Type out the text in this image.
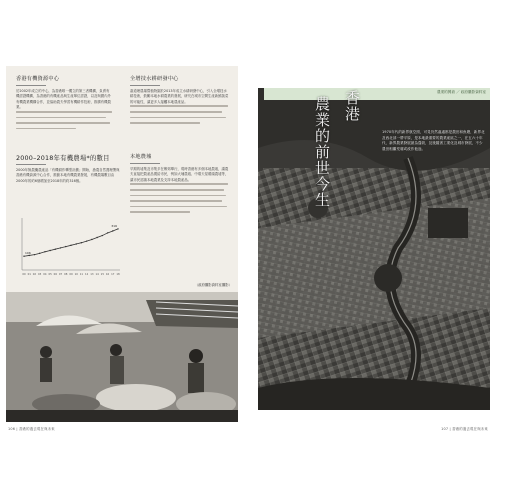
香港有機資源中心

於2002年成立的中心，為香港唯一獨立的第三者機構，負責有機認證機構，為香港的有機產品與生產單位認證，以及與國內外有機農業機構合作，並協助農夫學習有機耕作技術，推廣有機農業。

全增技水耕研發中心

嘉道理農場暨植物園於2013年成立水耕研發中心，引入全增技水耕技術，鼓勵本地水耕農業的發展，研究在城市空間生產新鮮蔬菜的可能性，讓更多人接觸本地農產品。

2000–2018年有機農場*的數目

2000年無農藥農產品「有機耕作轉型計劃」開始，漁農自然護理署與香港有機資源中心合作，推動本地有機農業發展，有機農場數目由2000年的約6個增加至2018年的約316個。

本地農墟

早期的墟集及市集多在鄉郊舉行，現時香港有多個本地農墟，讓農夫直接把農產品賣給市民，例如大埔農墟、中環天星碼頭農墟等，讓市民認識本地農業及支持本地農產品。

00 01 02 03 04 05 06 07 08 09 10 11 12 13 14 15 16 17 18
106
316
（政府攝影資料室攝影）
106 | 香港的過去現在與未來
農業的興衰 ／ 政府攝影資料室
香港
農業的前世今生	1970年代的新界航空照，可見仍然處處都是農田和魚塘，新界北及西北部一帶平原，是本地最重要的農業產區之一，在五六十年代，新界農業發展最為蓬勃，及後隨著工業化及城市發展，不少農田相繼荒廢或改作他途。

107 | 香港的過去現在與未來
